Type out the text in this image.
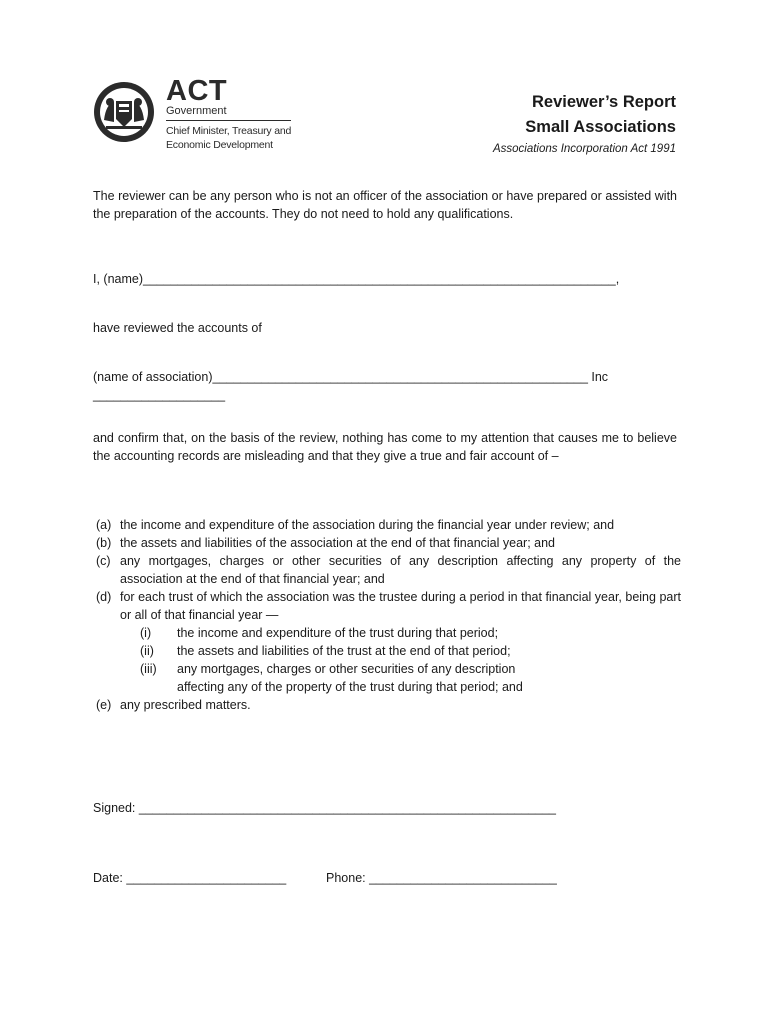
ACT
Government
Chief Minister, Treasury and
Economic Development
Reviewer’s Report
Small Associations
Associations Incorporation Act 1991
The reviewer can be any person who is not an officer of the association or have prepared or assisted with the preparation of the accounts. They do not need to hold any qualifications.
I, (name)____________________________________________________________________,
have reviewed the accounts of
(name of association)______________________________________________________ Inc
___________________
and confirm that, on the basis of the review, nothing has come to my attention that causes me to believe the accounting records are misleading and that they give a true and fair account of –
(a) the income and expenditure of the association during the financial year under review; and
(b) the assets and liabilities of the association at the end of that financial year; and
(c) any mortgages, charges or other securities of any description affecting any property of the association at the end of that financial year; and
(d) for each trust of which the association was the trustee during a period in that financial year, being part or all of that financial year —
(i) the income and expenditure of the trust during that period;
(ii) the assets and liabilities of the trust at the end of that period;
(iii) any mortgages, charges or other securities of any description affecting any of the property of the trust during that period; and
(e) any prescribed matters.
Signed: ____________________________________________________________
Date: _______________________	Phone: ___________________________
